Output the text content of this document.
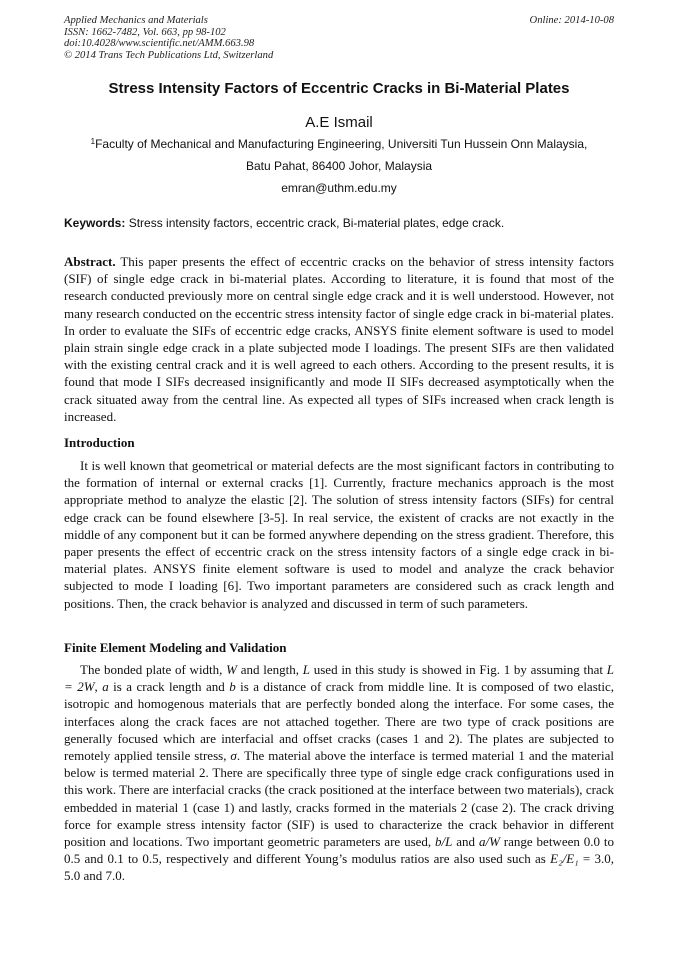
Applied Mechanics and Materials
ISSN: 1662-7482, Vol. 663, pp 98-102
doi:10.4028/www.scientific.net/AMM.663.98
© 2014 Trans Tech Publications Ltd, Switzerland
Online: 2014-10-08
Stress Intensity Factors of Eccentric Cracks in Bi-Material Plates
A.E Ismail
$^1$Faculty of Mechanical and Manufacturing Engineering, Universiti Tun Hussein Onn Malaysia,
Batu Pahat, 86400 Johor, Malaysia
emran@uthm.edu.my
Keywords: Stress intensity factors, eccentric crack, Bi-material plates, edge crack.
Abstract. This paper presents the effect of eccentric cracks on the behavior of stress intensity factors (SIF) of single edge crack in bi-material plates. According to literature, it is found that most of the research conducted previously more on central single edge crack and it is well understood. However, not many research conducted on the eccentric stress intensity factor of single edge crack in bi-material plates. In order to evaluate the SIFs of eccentric edge cracks, ANSYS finite element software is used to model plain strain single edge crack in a plate subjected mode I loadings. The present SIFs are then validated with the existing central crack and it is well agreed to each others. According to the present results, it is found that mode I SIFs decreased insignificantly and mode II SIFs decreased asymptotically when the crack situated away from the central line. As expected all types of SIFs increased when crack length is increased.
Introduction
It is well known that geometrical or material defects are the most significant factors in contributing to the formation of internal or external cracks [1]. Currently, fracture mechanics approach is the most appropriate method to analyze the elastic [2]. The solution of stress intensity factors (SIFs) for central edge crack can be found elsewhere [3-5]. In real service, the existent of cracks are not exactly in the middle of any component but it can be formed anywhere depending on the stress gradient. Therefore, this paper presents the effect of eccentric crack on the stress intensity factors of a single edge crack in bi-material plates. ANSYS finite element software is used to model and analyze the crack behavior subjected to mode I loading [6]. Two important parameters are considered such as crack length and positions. Then, the crack behavior is analyzed and discussed in term of such parameters.
Finite Element Modeling and Validation
The bonded plate of width, W and length, L used in this study is showed in Fig. 1 by assuming that L = 2W, a is a crack length and b is a distance of crack from middle line. It is composed of two elastic, isotropic and homogenous materials that are perfectly bonded along the interface. For some cases, the interfaces along the crack faces are not attached together. There are two type of crack positions are generally focused which are interfacial and offset cracks (cases 1 and 2). The plates are subjected to remotely applied tensile stress, σ. The material above the interface is termed material 1 and the material below is termed material 2. There are specifically three type of single edge crack configurations used in this work. There are interfacial cracks (the crack positioned at the interface between two materials), crack embedded in material 1 (case 1) and lastly, cracks formed in the materials 2 (case 2). The crack driving force for example stress intensity factor (SIF) is used to characterize the crack behavior in different position and locations. Two important geometric parameters are used, b/L and a/W range between 0.0 to 0.5 and 0.1 to 0.5, respectively and different Young’s modulus ratios are also used such as E₂/E₁ = 3.0, 5.0 and 7.0.
